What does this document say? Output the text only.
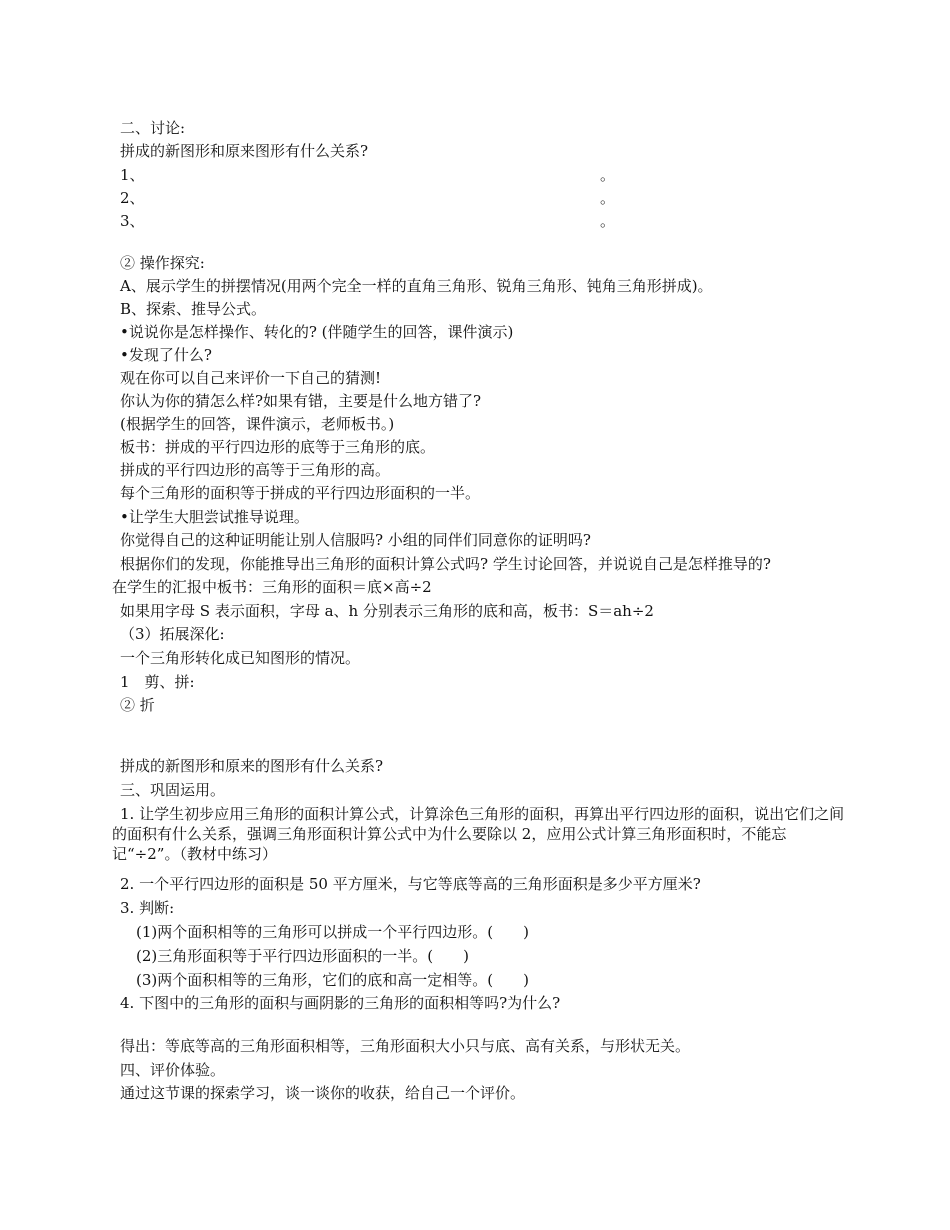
二、讨论:
拼成的新图形和原来图形有什么关系?
1、	。
2、	。
3、	。
② 操作探究:
A、展示学生的拼摆情况(用两个完全一样的直角三角形、锐角三角形、钝角三角形拼成)。
B、探索、推导公式。
•说说你是怎样操作、转化的? (伴随学生的回答，课件演示)
•发现了什么?
观在你可以自己来评价一下自己的猜测!
你认为你的猜怎么样?如果有错，主要是什么地方错了?
(根据学生的回答，课件演示，老师板书。)
板书：拼成的平行四边形的底等于三角形的底。
拼成的平行四边形的高等于三角形的高。
每个三角形的面积等于拼成的平行四边形面积的一半。
•让学生大胆尝试推导说理。
你觉得自己的这种证明能让别人信服吗? 小组的同伴们同意你的证明吗?
根据你们的发现，你能推导出三角形的面积计算公式吗? 学生讨论回答，并说说自己是怎样推导的?
在学生的汇报中板书：三角形的面积＝底×高÷2
如果用字母 S 表示面积，字母 a、h 分别表示三角形的底和高，板书：S＝ah÷2
（3）拓展深化:
一个三角形转化成已知图形的情况。
1　剪、拼:
② 折
拼成的新图形和原来的图形有什么关系?
三、巩固运用。
1. 让学生初步应用三角形的面积计算公式，计算涂色三角形的面积，再算出平行四边形的面积，说出它们之间的面积有什么关系，强调三角形面积计算公式中为什么要除以 2，应用公式计算三角形面积时，不能忘记“÷2”。（教材中练习）
2. 一个平行四边形的面积是 50 平方厘米，与它等底等高的三角形面积是多少平方厘米?
3. 判断:
(1)两个面积相等的三角形可以拼成一个平行四边形。(　　)
(2)三角形面积等于平行四边形面积的一半。(　　)
(3)两个面积相等的三角形，它们的底和高一定相等。(　　)
4. 下图中的三角形的面积与画阴影的三角形的面积相等吗?为什么?
得出：等底等高的三角形面积相等，三角形面积大小只与底、高有关系，与形状无关。
四、评价体验。
通过这节课的探索学习，谈一谈你的收获，给自己一个评价。
